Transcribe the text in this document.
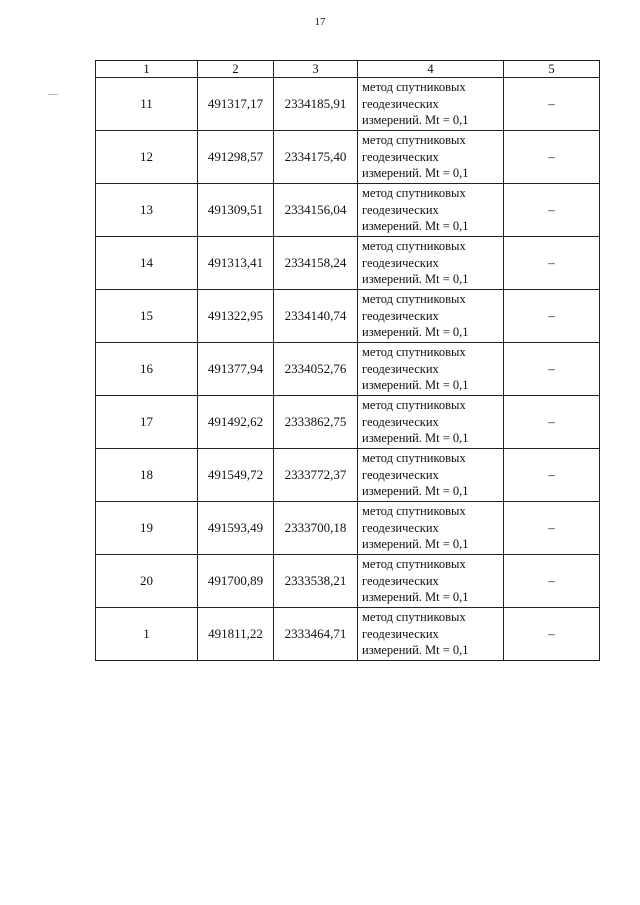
17
1	2	3	4	5
11	491317,17	2334185,91	метод спутниковых
геодезических
измерений. Mt = 0,1	–
12	491298,57	2334175,40	метод спутниковых
геодезических
измерений. Mt = 0,1	–
13	491309,51	2334156,04	метод спутниковых
геодезических
измерений. Mt = 0,1	–
14	491313,41	2334158,24	метод спутниковых
геодезических
измерений. Mt = 0,1	–
15	491322,95	2334140,74	метод спутниковых
геодезических
измерений. Mt = 0,1	–
16	491377,94	2334052,76	метод спутниковых
геодезических
измерений. Mt = 0,1	–
17	491492,62	2333862,75	метод спутниковых
геодезических
измерений. Mt = 0,1	–
18	491549,72	2333772,37	метод спутниковых
геодезических
измерений. Mt = 0,1	–
19	491593,49	2333700,18	метод спутниковых
геодезических
измерений. Mt = 0,1	–
20	491700,89	2333538,21	метод спутниковых
геодезических
измерений. Mt = 0,1	–
1	491811,22	2333464,71	метод спутниковых
геодезических
измерений. Mt = 0,1	–
